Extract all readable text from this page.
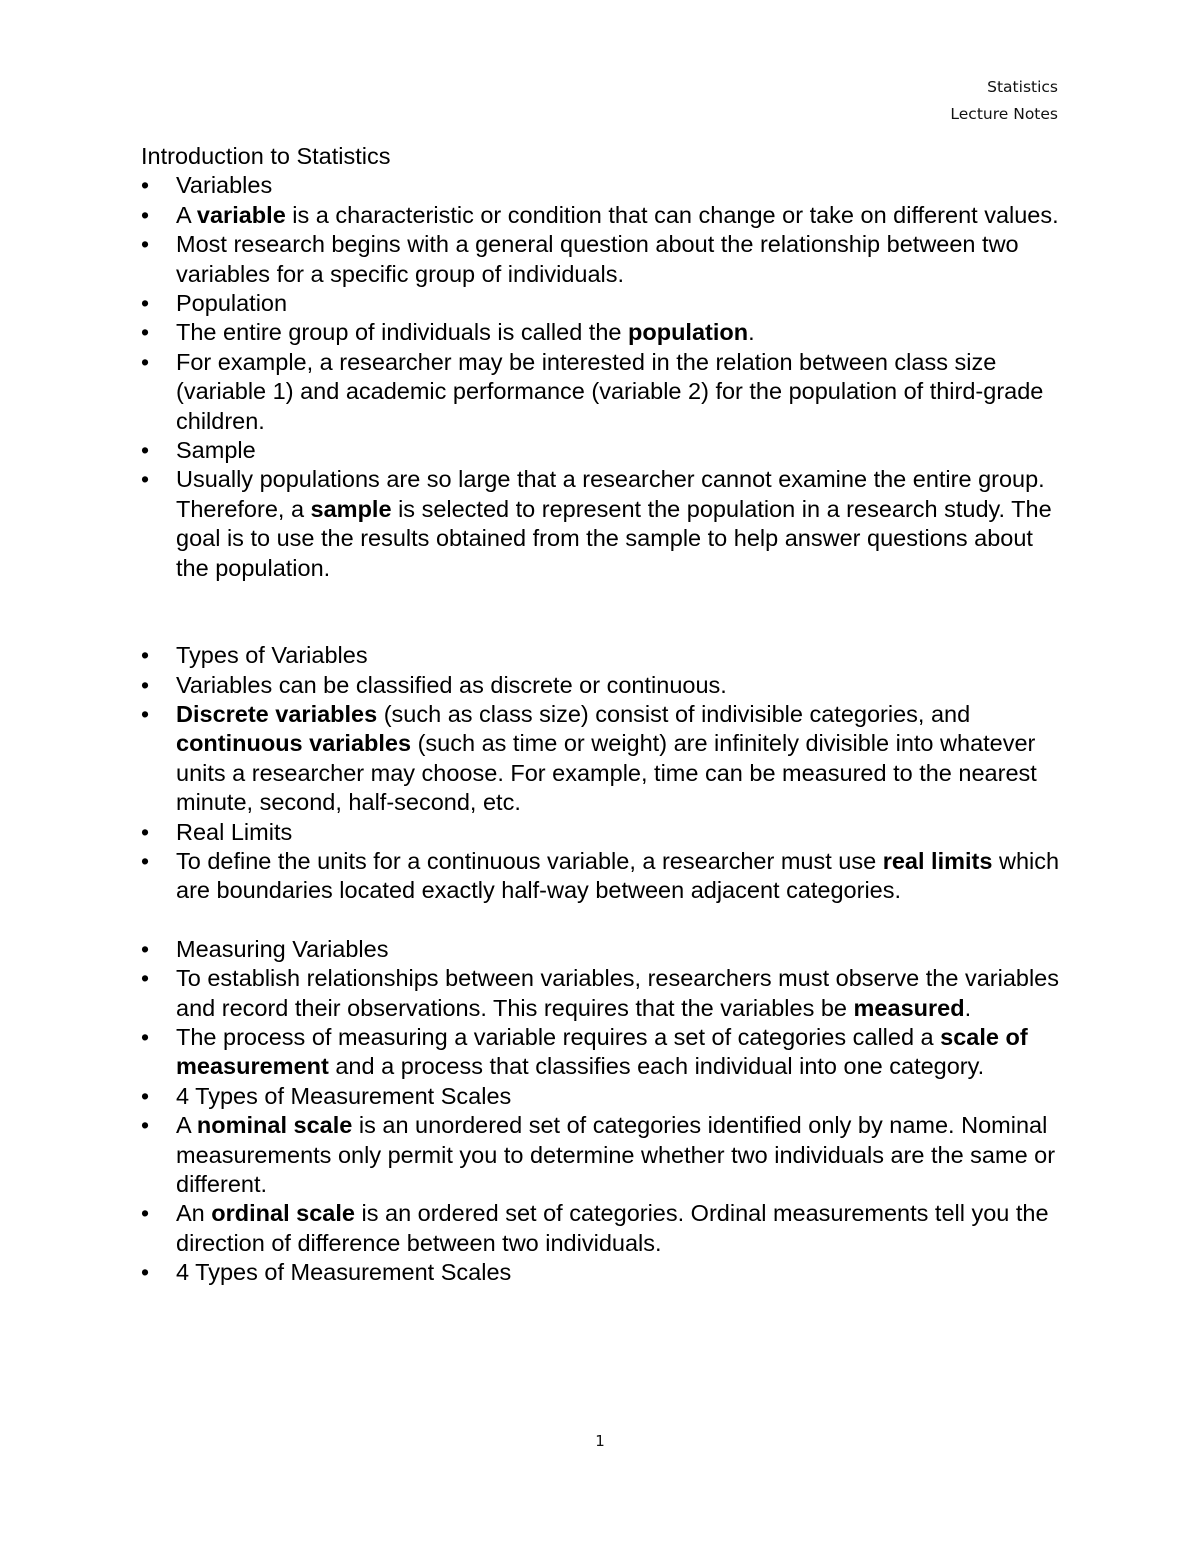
Statistics
Lecture Notes
Introduction to Statistics
• Variables
• A variable is a characteristic or condition that can change or take on different values.
• Most research begins with a general question about the relationship between two variables for a specific group of individuals.
• Population
• The entire group of individuals is called the population.
• For example, a researcher may be interested in the relation between class size (variable 1) and academic performance (variable 2) for the population of third-grade children.
• Sample
• Usually populations are so large that a researcher cannot examine the entire group. Therefore, a sample is selected to represent the population in a research study. The goal is to use the results obtained from the sample to help answer questions about the population.
• Types of Variables
• Variables can be classified as discrete or continuous.
• Discrete variables (such as class size) consist of indivisible categories, and continuous variables (such as time or weight) are infinitely divisible into whatever units a researcher may choose. For example, time can be measured to the nearest minute, second, half-second, etc.
• Real Limits
• To define the units for a continuous variable, a researcher must use real limits which are boundaries located exactly half-way between adjacent categories.
• Measuring Variables
• To establish relationships between variables, researchers must observe the variables and record their observations. This requires that the variables be measured.
• The process of measuring a variable requires a set of categories called a scale of measurement and a process that classifies each individual into one category.
• 4 Types of Measurement Scales
• A nominal scale is an unordered set of categories identified only by name. Nominal measurements only permit you to determine whether two individuals are the same or different.
• An ordinal scale is an ordered set of categories. Ordinal measurements tell you the direction of difference between two individuals.
• 4 Types of Measurement Scales
1
